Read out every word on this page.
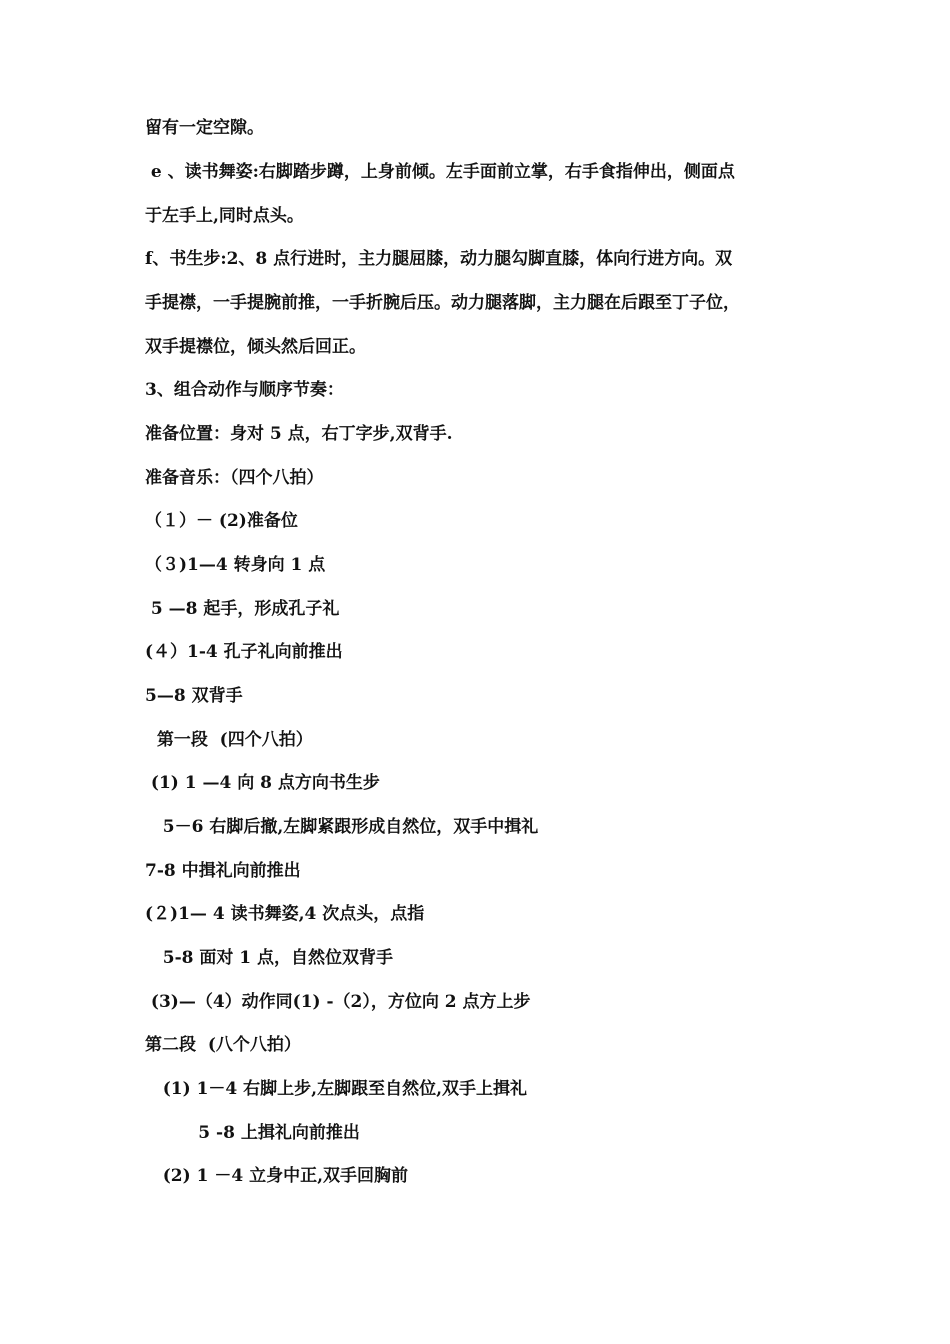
留有一定空隙。
e 、读书舞姿:右脚踏步蹲，上身前倾。左手面前立掌，右手食指伸出，侧面点
于左手上,同时点头。
f、书生步:2、8 点行进时，主力腿屈膝，动力腿勾脚直膝，体向行进方向。双
手提襟，一手提腕前推，一手折腕后压。动力腿落脚，主力腿在后跟至丁子位，
双手提襟位，倾头然后回正。
3、组合动作与顺序节奏：
准备位置：身对 5 点，右丁字步,双背手.
准备音乐：（四个八拍）
（１）－ (2)准备位
（３)1—4 转身向 1 点
5 —8 起手，形成孔子礼
(４）1-4 孔子礼向前推出
5—8 双背手
第一段  (四个八拍）
(1) 1 —4 向 8 点方向书生步
5－6 右脚后撤,左脚紧跟形成自然位，双手中揖礼
7-8 中揖礼向前推出
(２)1— 4 读书舞姿,4 次点头，点指
5-8 面对 1 点，自然位双背手
(3)—（4）动作同(1) -（2），方位向 2 点方上步
第二段  (八个八拍）
(1) 1－4 右脚上步,左脚跟至自然位,双手上揖礼
5 -8 上揖礼向前推出
(2) 1 －4 立身中正,双手回胸前
